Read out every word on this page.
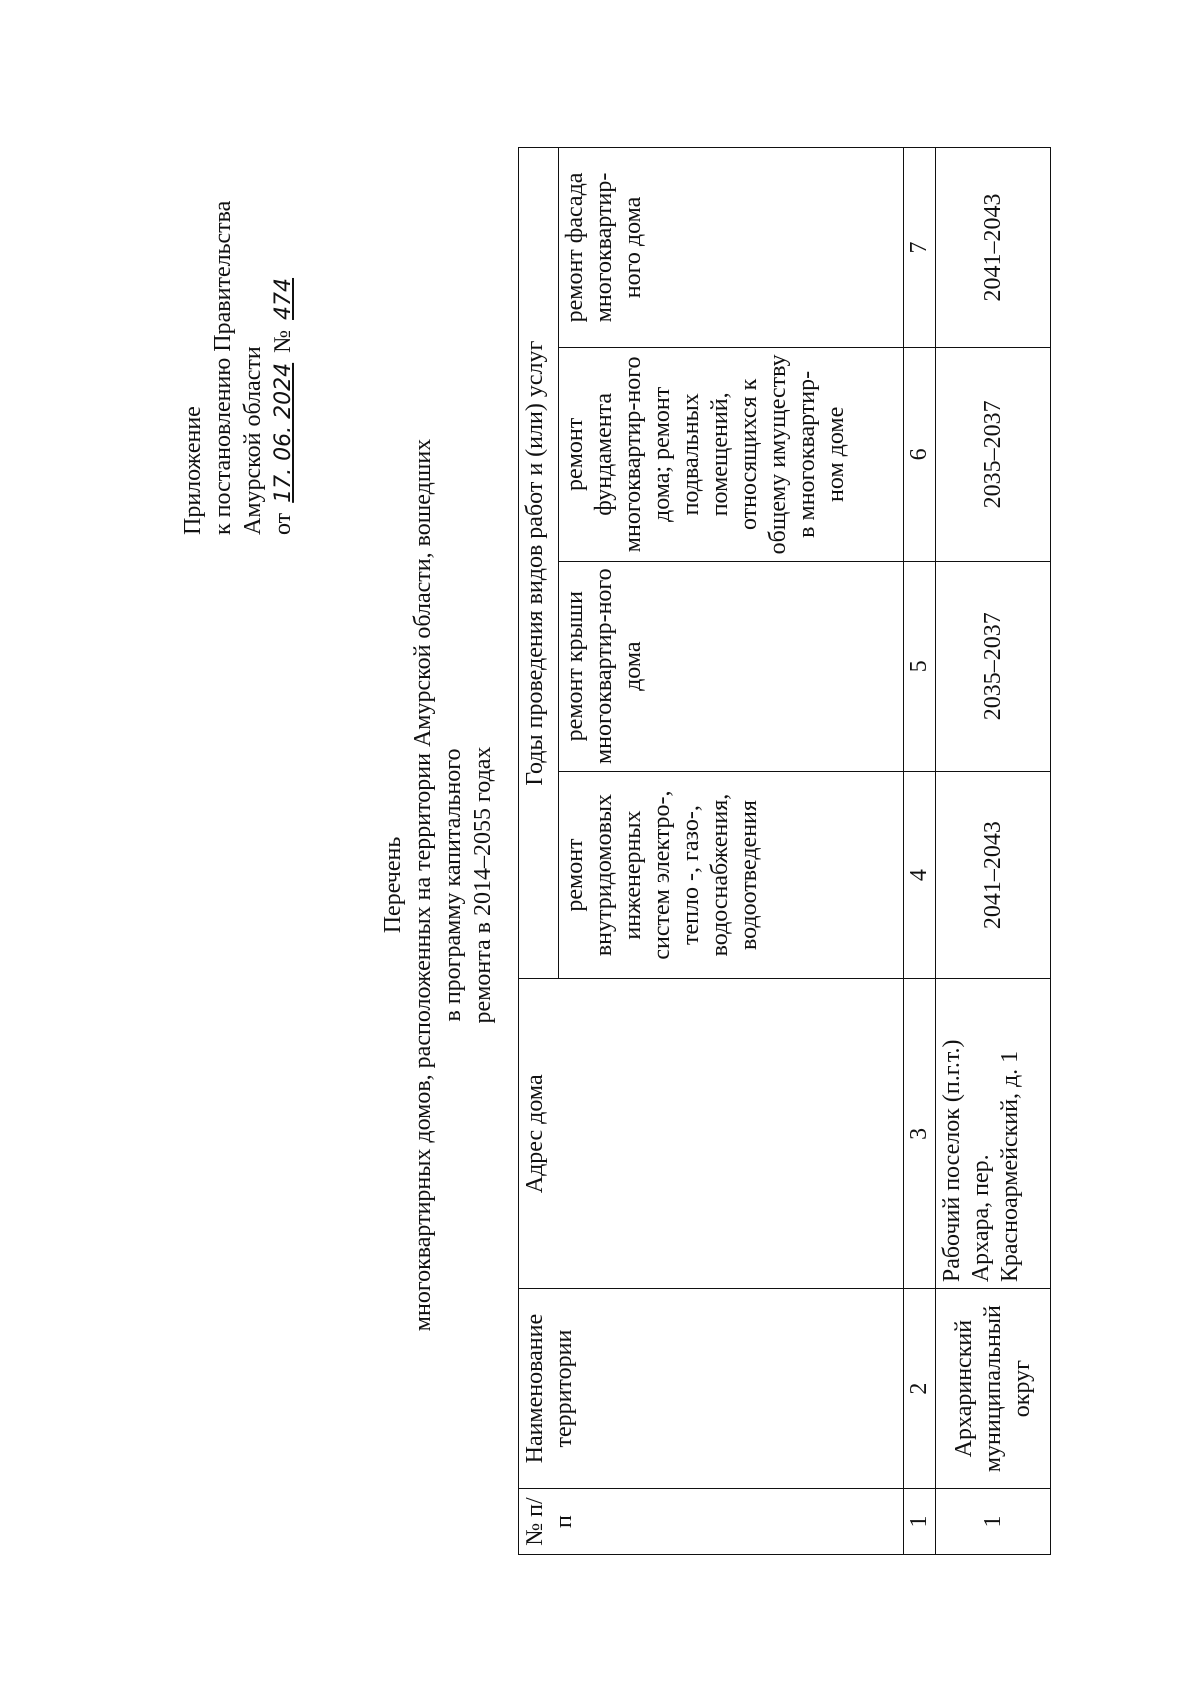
Приложение к постановлению Правительства Амурской области от 17. 06. 2024 № 474
Перечень многоквартирных домов, расположенных на территории Амурской области, вошедших в программу капитального ремонта в 2014–2055 годах
№ п/п	Наименование территории	Адрес дома	Годы проведения видов работ и (или) услуг			
			ремонт внутридомовых инженерных систем электро-, тепло -, газо-, водоснабжения, водоотведения	ремонт крыши многоквартир-ного дома	ремонт фундамента многоквартир-ного дома; ремонт подвальных помещений, относящихся к общему имуществу в многоквартир-ном доме	ремонт фасада многоквартир-ного дома
1	2	3	4	5	6	7
1	Архаринский муниципальный округ	Рабочий поселок (п.г.т.) Архара, пер. Красноармейский, д. 1	2041–2043	2035–2037	2035–2037	2041–2043
